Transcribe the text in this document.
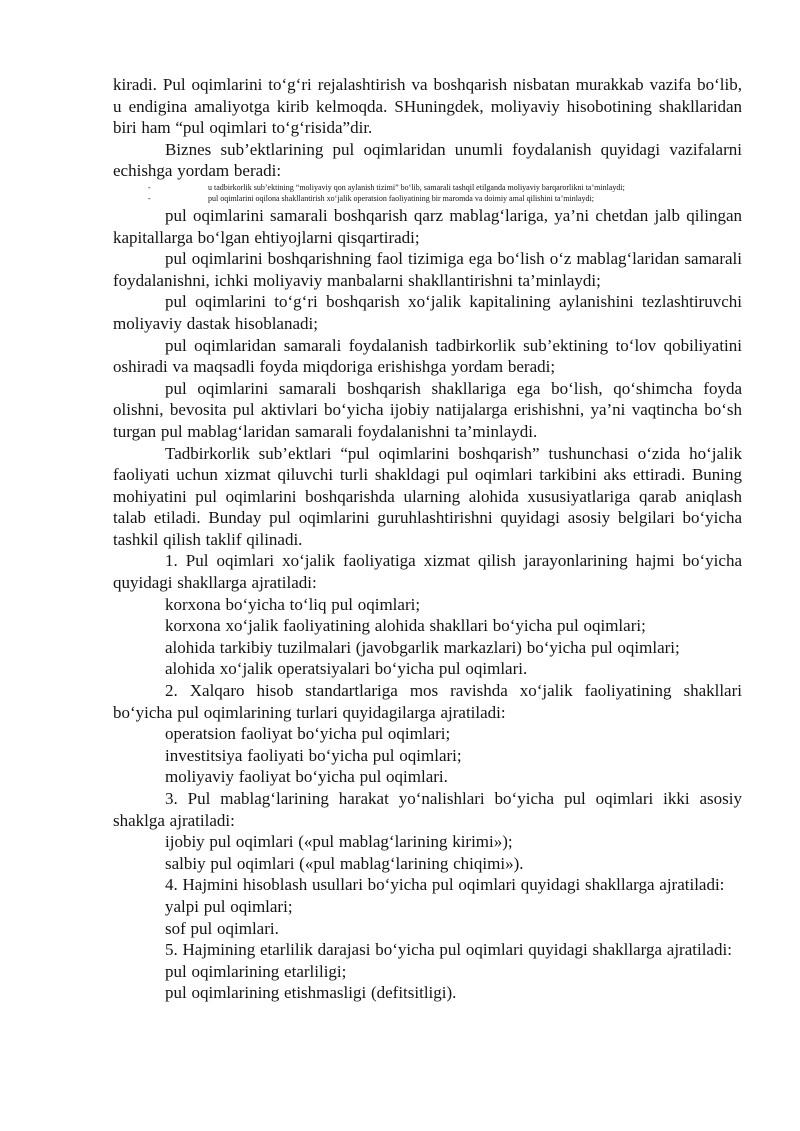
kiradi. Pul oqimlarini to‘g‘ri rejalashtirish va boshqarish nisbatan murakkab vazifa bo‘lib, u endigina amaliyotga kirib kelmoqda. SHuningdek, moliyaviy hisobotining shakllaridan biri ham “pul oqimlari to‘g‘risida”dir.

Biznes sub’ektlarining pul oqimlaridan unumli foydalanish quyidagi vazifalarni echishga yordam beradi:

-	u tadbirkorlik sub’ektining “moliyaviy qon aylanish tizimi” bo‘lib, samarali tashqil etilganda moliyaviy barqarorlikni ta’minlaydi;

-	pul oqimlarini oqilona shakllantirish xo‘jalik operatsion faoliyatining bir maromda va doimiy amal qilishini ta’minlaydi;

pul oqimlarini samarali boshqarish qarz mablag‘lariga, ya’ni chetdan jalb qilingan kapitallarga bo‘lgan ehtiyojlarni qisqartiradi;

pul oqimlarini boshqarishning faol tizimiga ega bo‘lish o‘z mablag‘laridan samarali foydalanishni, ichki moliyaviy manbalarni shakllantirishni ta’minlaydi;

pul oqimlarini to‘g‘ri boshqarish xo‘jalik kapitalining aylanishini tezlashtiruvchi moliyaviy dastak hisoblanadi;

pul oqimlaridan samarali foydalanish tadbirkorlik sub’ektining to‘lov qobiliyatini oshiradi va maqsadli foyda miqdoriga erishishga yordam beradi;

pul oqimlarini samarali boshqarish shakllariga ega bo‘lish, qo‘shimcha foyda olishni, bevosita pul aktivlari bo‘yicha ijobiy natijalarga erishishni, ya’ni vaqtincha bo‘sh turgan pul mablag‘laridan samarali foydalanishni ta’minlaydi.

Tadbirkorlik sub’ektlari “pul oqimlarini boshqarish” tushunchasi o‘zida ho‘jalik faoliyati uchun xizmat qiluvchi turli shakldagi pul oqimlari tarkibini aks ettiradi. Buning mohiyatini pul oqimlarini boshqarishda ularning alohida xususiyatlariga qarab aniqlash talab etiladi. Bunday pul oqimlarini guruhlashtirishni quyidagi asosiy belgilari bo‘yicha tashkil qilish taklif qilinadi.

1. Pul oqimlari xo‘jalik faoliyatiga xizmat qilish jarayonlarining hajmi bo‘yicha quyidagi shakllarga ajratiladi:

korxona bo‘yicha to‘liq pul oqimlari;

korxona xo‘jalik faoliyatining alohida shakllari bo‘yicha pul oqimlari;

alohida tarkibiy tuzilmalari (javobgarlik markazlari) bo‘yicha pul oqimlari;

alohida xo‘jalik operatsiyalari bo‘yicha pul oqimlari.

2. Xalqaro hisob standartlariga mos ravishda xo‘jalik faoliyatining shakllari bo‘yicha pul oqimlarining turlari quyidagilarga ajratiladi:

operatsion faoliyat bo‘yicha pul oqimlari;

investitsiya faoliyati bo‘yicha pul oqimlari;

moliyaviy faoliyat bo‘yicha pul oqimlari.

3. Pul mablag‘larining harakat yo‘nalishlari bo‘yicha pul oqimlari ikki asosiy shaklga ajratiladi:

ijobiy pul oqimlari («pul mablag‘larining kirimi»);

salbiy pul oqimlari («pul mablag‘larining chiqimi»).

4. Hajmini hisoblash usullari bo‘yicha pul oqimlari quyidagi shakllarga ajratiladi:

yalpi pul oqimlari;

sof pul oqimlari.

5. Hajmining etarlilik darajasi bo‘yicha pul oqimlari quyidagi shakllarga ajratiladi:

pul oqimlarining etarliligi;

pul oqimlarining etishmasligi (defitsitligi).
